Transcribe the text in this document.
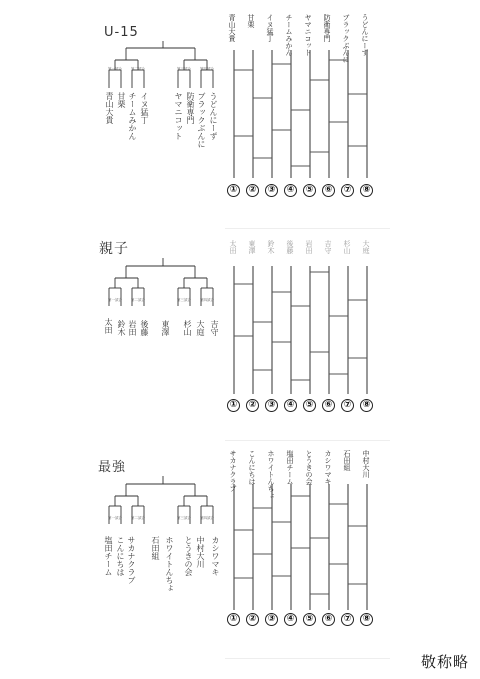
U-15
第一試合	第二試合	第三試合	第四試合
青山大貴 甘栗 チームみかん イヌ猛丁	ヤマニコット 防衛専門 ブラックぶんに うどんにーず
青山大貴 甘栗 イヌ猛丁 チームみかん ヤマニコット 防衛専門 ブラックぶんに うどんにーず
① ② ③ ④ ⑤ ⑥ ⑦ ⑧
親子
第一試合	第二試合	第三試合	第四試合
太田 鈴木 岩田 後藤 東澤 杉山 大庭 吉守
太田 東澤 鈴木 後藤 岩田 吉守 杉山 大庭
① ② ③ ④ ⑤ ⑥ ⑦ ⑧
最強
第一試合	第二試合	第三試合	第四試合
塩田チーム こんにちは サカナクラブ 石田組 ホワイトんちょ とうきの会 中村大川 カシワマキ
サカナクラブ こんにちは ホワイトんちょ 塩田チーム とうきの会 カシワマキ 石田組 中村大川
① ② ③ ④ ⑤ ⑥ ⑦ ⑧
敬称略
